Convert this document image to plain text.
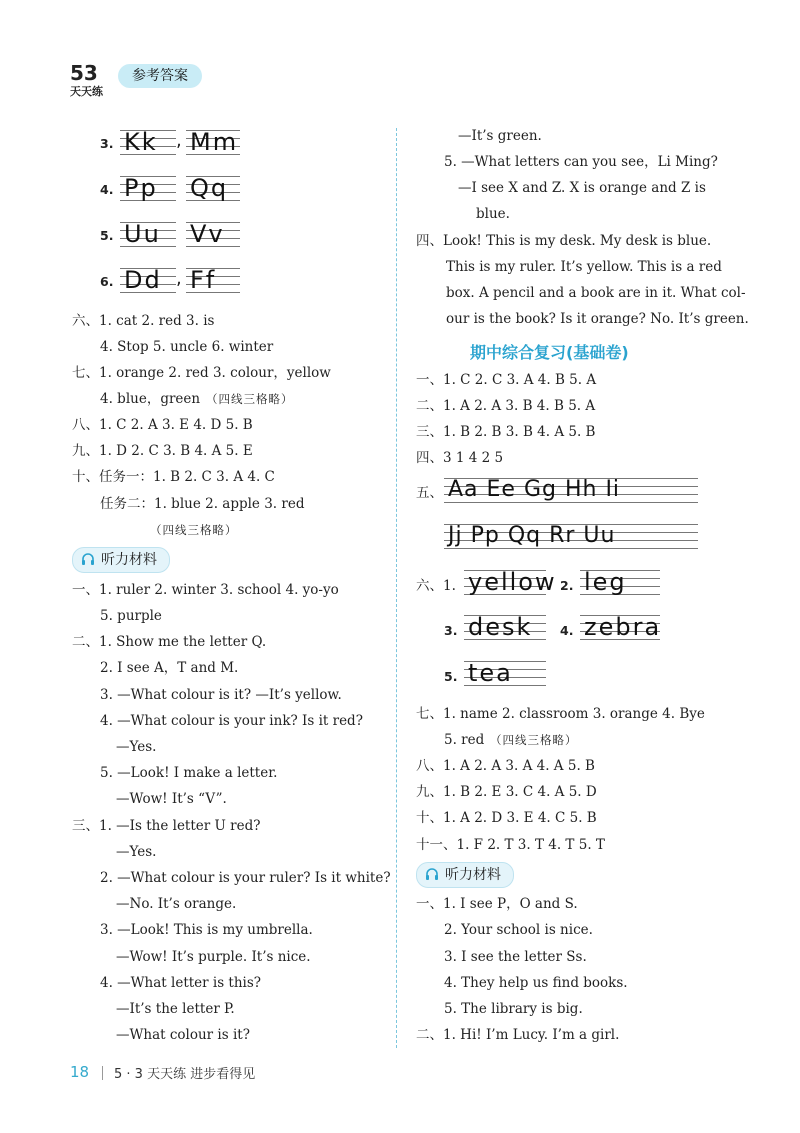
53
天天练
参考答案
3. Kk , Mm
4. Pp Qq
5. Uu Vv
6. Dd , Ff
六、1. cat 2. red 3. is
4. Stop 5. uncle 6. winter
七、1. orange 2. red 3. colour，yellow
4. blue，green （四线三格略）
八、1. C 2. A 3. E 4. D 5. B
九、1. D 2. C 3. B 4. A 5. E
十、任务一：1. B 2. C 3. A 4. C
任务二：1. blue 2. apple 3. red
（四线三格略）
听力材料
一、1. ruler 2. winter 3. school 4. yo-yo
5. purple
二、1. Show me the letter Q.
2. I see A，T and M.
3. —What colour is it? —It’s yellow.
4. —What colour is your ink? Is it red?
—Yes.
5. —Look! I make a letter.
—Wow! It’s “V”.
三、1. —Is the letter U red?
—Yes.
2. —What colour is your ruler? Is it white?
—No. It’s orange.
3. —Look! This is my umbrella.
—Wow! It’s purple. It’s nice.
4. —What letter is this?
—It’s the letter P.
—What colour is it?
—It’s green.
5. —What letters can you see，Li Ming?
—I see X and Z. X is orange and Z is
blue.
四、Look! This is my desk. My desk is blue.
This is my ruler. It’s yellow. This is a red
box. A pencil and a book are in it. What col-
our is the book? Is it orange? No. It’s green.
期中综合复习(基础卷)
一、1. C 2. C 3. A 4. B 5. A
二、1. A 2. A 3. B 4. B 5. A
三、1. B 2. B 3. B 4. A 5. B
四、3 1 4 2 5
五、 Aa Ee Gg Hh Ii
Jj Pp Qq Rr Uu
六、1. yellow 2. leg
3. desk 4. zebra
5. tea
七、1. name 2. classroom 3. orange 4. Bye
5. red （四线三格略）
八、1. A 2. A 3. A 4. A 5. B
九、1. B 2. E 3. C 4. A 5. D
十、1. A 2. D 3. E 4. C 5. B
十一、1. F 2. T 3. T 4. T 5. T
听力材料
一、1. I see P，O and S.
2. Your school is nice.
3. I see the letter Ss.
4. They help us find books.
5. The library is big.
二、1. Hi! I’m Lucy. I’m a girl.
18 5 · 3 天天练 进步看得见
